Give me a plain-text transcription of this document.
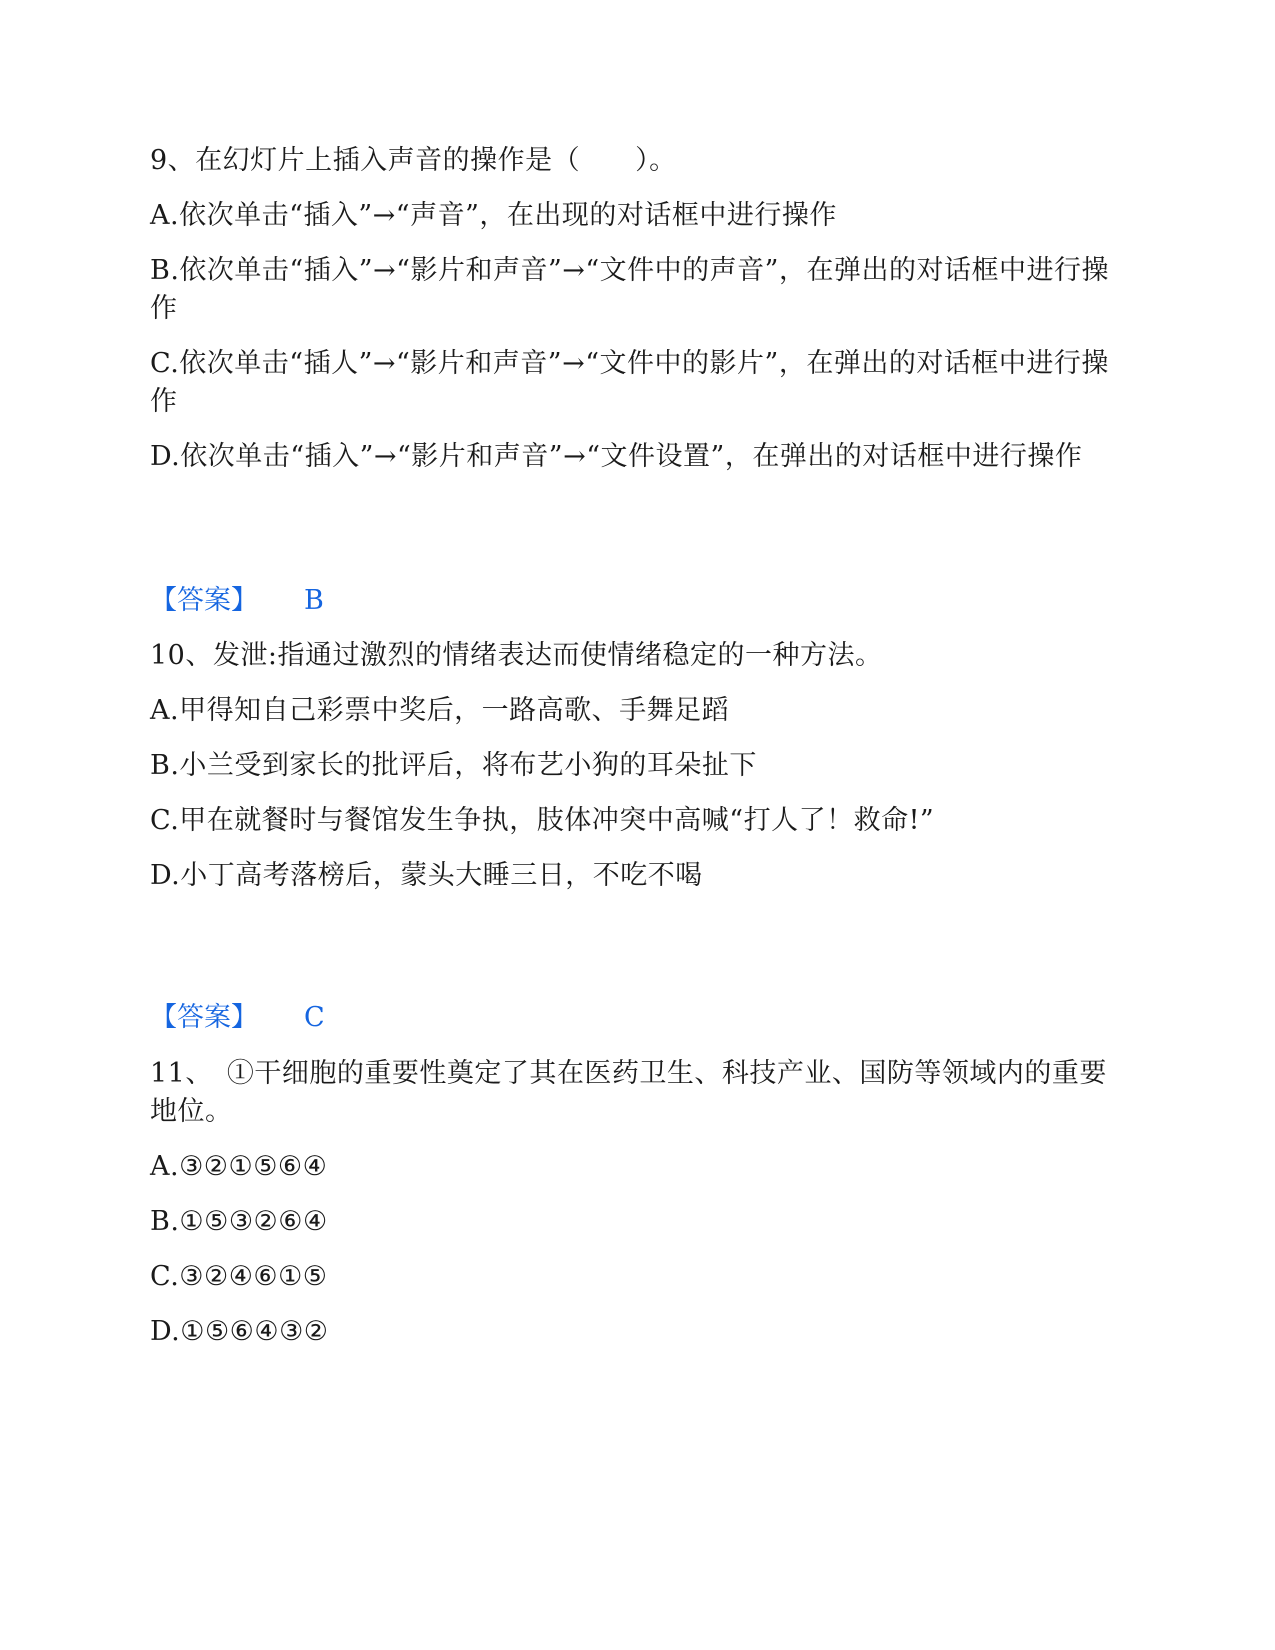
9、在幻灯片上插入声音的操作是（　　）。
A.依次单击“插入”→“声音”，在出现的对话框中进行操作
B.依次单击“插入”→“影片和声音”→“文件中的声音”，在弹出的对话框中进行操作
C.依次单击“插人”→“影片和声音”→“文件中的影片”，在弹出的对话框中进行操作
D.依次单击“插入”→“影片和声音”→“文件设置”，在弹出的对话框中进行操作
【答案】 B
10、发泄:指通过激烈的情绪表达而使情绪稳定的一种方法。
A.甲得知自己彩票中奖后，一路高歌、手舞足蹈
B.小兰受到家长的批评后，将布艺小狗的耳朵扯下
C.甲在就餐时与餐馆发生争执，肢体冲突中高喊“打人了！救命!”
D.小丁高考落榜后，蒙头大睡三日，不吃不喝
【答案】 C
11、　①干细胞的重要性奠定了其在医药卫生、科技产业、国防等领域内的重要地位。
A.③②①⑤⑥④
B.①⑤③②⑥④
C.③②④⑥①⑤
D.①⑤⑥④③②
